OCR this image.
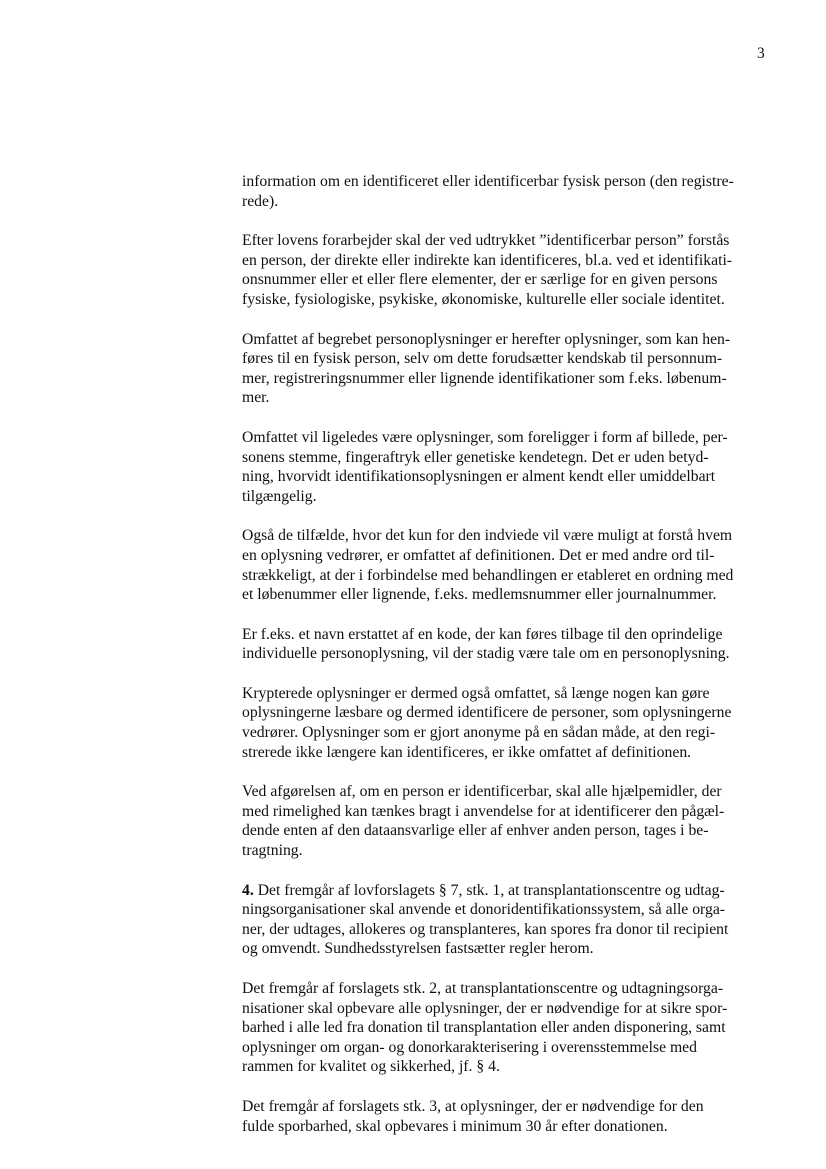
3

information om en identificeret eller identificerbar fysisk person (den registre-
rede).

Efter lovens forarbejder skal der ved udtrykket ”identificerbar person” forstås
en person, der direkte eller indirekte kan identificeres, bl.a. ved et identifikati-
onsnummer eller et eller flere elementer, der er særlige for en given persons
fysiske, fysiologiske, psykiske, økonomiske, kulturelle eller sociale identitet.

Omfattet af begrebet personoplysninger er herefter oplysninger, som kan hen-
føres til en fysisk person, selv om dette forudsætter kendskab til personnum-
mer, registreringsnummer eller lignende identifikationer som f.eks. løbenum-
mer.

Omfattet vil ligeledes være oplysninger, som foreligger i form af billede, per-
sonens stemme, fingeraftryk eller genetiske kendetegn. Det er uden betyd-
ning, hvorvidt identifikationsoplysningen er alment kendt eller umiddelbart
tilgængelig.

Også de tilfælde, hvor det kun for den indviede vil være muligt at forstå hvem
en oplysning vedrører, er omfattet af definitionen. Det er med andre ord til-
strækkeligt, at der i forbindelse med behandlingen er etableret en ordning med
et løbenummer eller lignende, f.eks. medlemsnummer eller journalnummer.

Er f.eks. et navn erstattet af en kode, der kan føres tilbage til den oprindelige
individuelle personoplysning, vil der stadig være tale om en personoplysning.

Krypterede oplysninger er dermed også omfattet, så længe nogen kan gøre
oplysningerne læsbare og dermed identificere de personer, som oplysningerne
vedrører. Oplysninger som er gjort anonyme på en sådan måde, at den regi-
strerede ikke længere kan identificeres, er ikke omfattet af definitionen.

Ved afgørelsen af, om en person er identificerbar, skal alle hjælpemidler, der
med rimelighed kan tænkes bragt i anvendelse for at identificerer den pågæl-
dende enten af den dataansvarlige eller af enhver anden person, tages i be-
tragtning.

4. Det fremgår af lovforslagets § 7, stk. 1, at transplantationscentre og udtag-
ningsorganisationer skal anvende et donoridentifikationssystem, så alle orga-
ner, der udtages, allokeres og transplanteres, kan spores fra donor til recipient
og omvendt. Sundhedsstyrelsen fastsætter regler herom.

Det fremgår af forslagets stk. 2, at transplantationscentre og udtagningsorga-
nisationer skal opbevare alle oplysninger, der er nødvendige for at sikre spor-
barhed i alle led fra donation til transplantation eller anden disponering, samt
oplysninger om organ- og donorkarakterisering i overensstemmelse med
rammen for kvalitet og sikkerhed, jf. § 4.

Det fremgår af forslagets stk. 3, at oplysninger, der er nødvendige for den
fulde sporbarhed, skal opbevares i minimum 30 år efter donationen.
